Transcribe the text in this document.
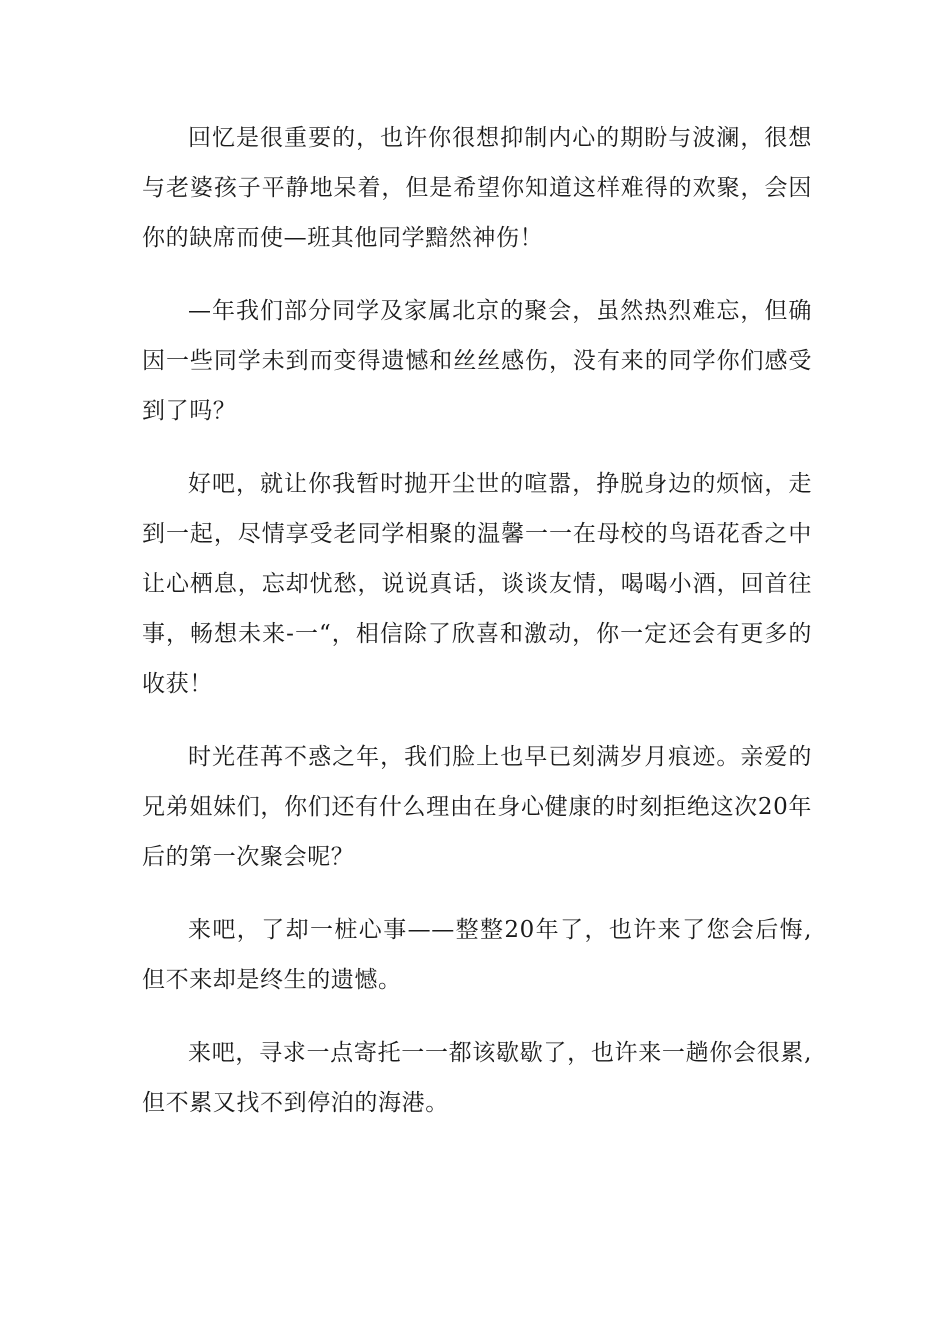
回忆是很重要的，也许你很想抑制内心的期盼与波澜，很想与老婆孩子平静地呆着，但是希望你知道这样难得的欢聚，会因你的缺席而使—班其他同学黯然神伤！

—年我们部分同学及家属北京的聚会，虽然热烈难忘，但确因一些同学未到而变得遗憾和丝丝感伤，没有来的同学你们感受到了吗？

好吧，就让你我暂时抛开尘世的喧嚣，挣脱身边的烦恼，走到一起，尽情享受老同学相聚的温馨一一在母校的鸟语花香之中让心栖息，忘却忧愁，说说真话，谈谈友情，喝喝小酒，回首往事，畅想未来-一“，相信除了欣喜和激动，你一定还会有更多的收获！

时光荏苒不惑之年，我们脸上也早已刻满岁月痕迹。亲爱的兄弟姐妹们，你们还有什么理由在身心健康的时刻拒绝这次20年后的第一次聚会呢？

来吧，了却一桩心事——整整20年了，也许来了您会后悔,但不来却是终生的遗憾。

来吧，寻求一点寄托一一都该歇歇了，也许来一趟你会很累,但不累又找不到停泊的海港。
